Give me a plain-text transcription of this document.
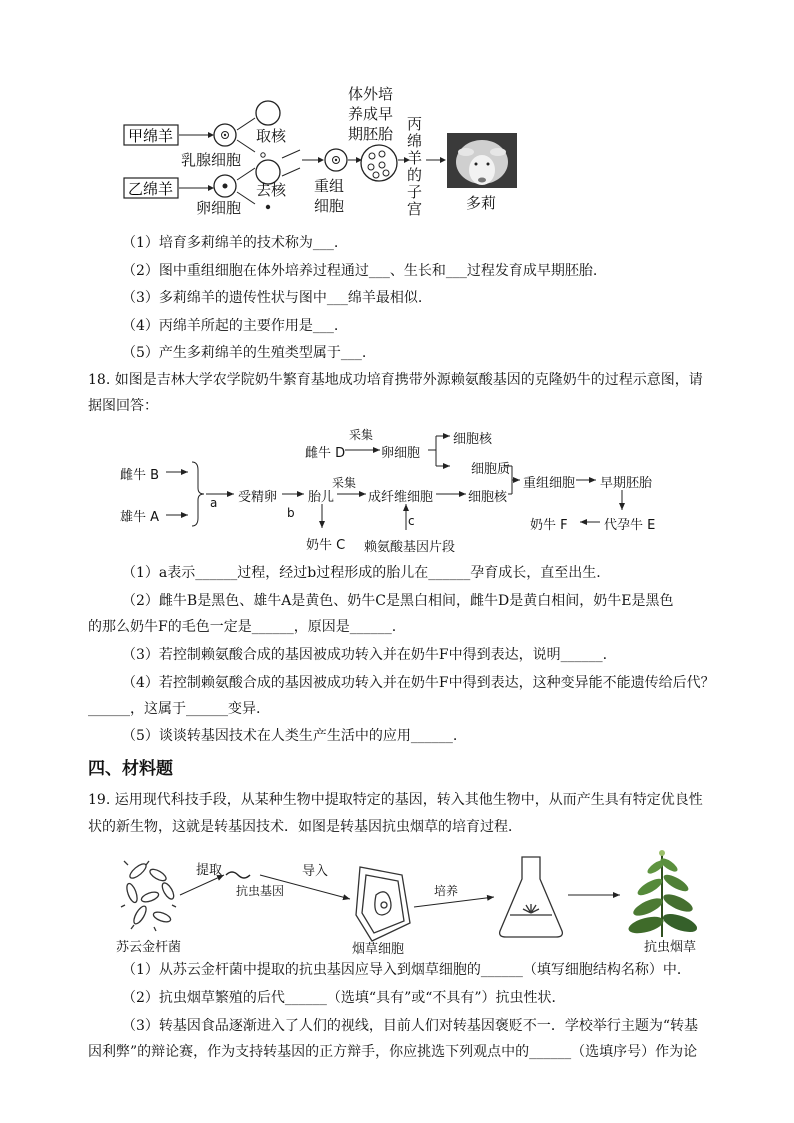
甲绵羊
乙绵羊
取核
乳腺细胞
去核
卵细胞
重组
细胞
体外培
养成早
期胚胎
丙
绵
羊
的
子
宫	多莉
（1）培育多莉绵羊的技术称为___.
（2）图中重组细胞在体外培养过程通过___、生长和___过程发育成早期胚胎.
（3）多莉绵羊的遗传性状与图中___绵羊最相似.
（4）丙绵羊所起的主要作用是___.
（5）产生多莉绵羊的生殖类型属于___.
18. 如图是吉林大学农学院奶牛繁育基地成功培育携带外源赖氨酸基因的克隆奶牛的过程示意图，请
据图回答：
雌牛 B
雄牛 A
a 受精卵
b
胎儿
奶牛 C
雌牛 D
采集
卵细胞
细胞核
细胞质
采集
成纤维细胞	细胞核
重组细胞 早期胚胎
代孕牛 E
奶牛 F
c
赖氨酸基因片段
（1）a表示______过程，经过b过程形成的胎儿在______孕育成长，直至出生.
（2）雌牛B是黑色、雄牛A是黄色、奶牛C是黑白相间，雌牛D是黄白相间，奶牛E是黑色
的那么奶牛F的毛色一定是______，原因是______.
（3）若控制赖氨酸合成的基因被成功转入并在奶牛F中得到表达，说明______.
（4）若控制赖氨酸合成的基因被成功转入并在奶牛F中得到表达，这种变异能不能遗传给后代？
______，这属于______变异.
（5）谈谈转基因技术在人类生产生活中的应用______.
四、材料题
19. 运用现代科技手段，从某种生物中提取特定的基因，转入其他生物中，从而产生具有特定优良性
状的新生物，这就是转基因技术．如图是转基因抗虫烟草的培育过程．
提取	导入
抗虫基因	培养
苏云金杆菌	烟草细胞	抗虫烟草
（1）从苏云金杆菌中提取的抗虫基因应导入到烟草细胞的______（填写细胞结构名称）中．
（2）抗虫烟草繁殖的后代______（选填“具有”或“不具有”）抗虫性状．
（3）转基因食品逐渐进入了人们的视线，目前人们对转基因褒贬不一．学校举行主题为“转基
因利弊”的辩论赛，作为支持转基因的正方辩手，你应挑选下列观点中的______（选填序号）作为论
